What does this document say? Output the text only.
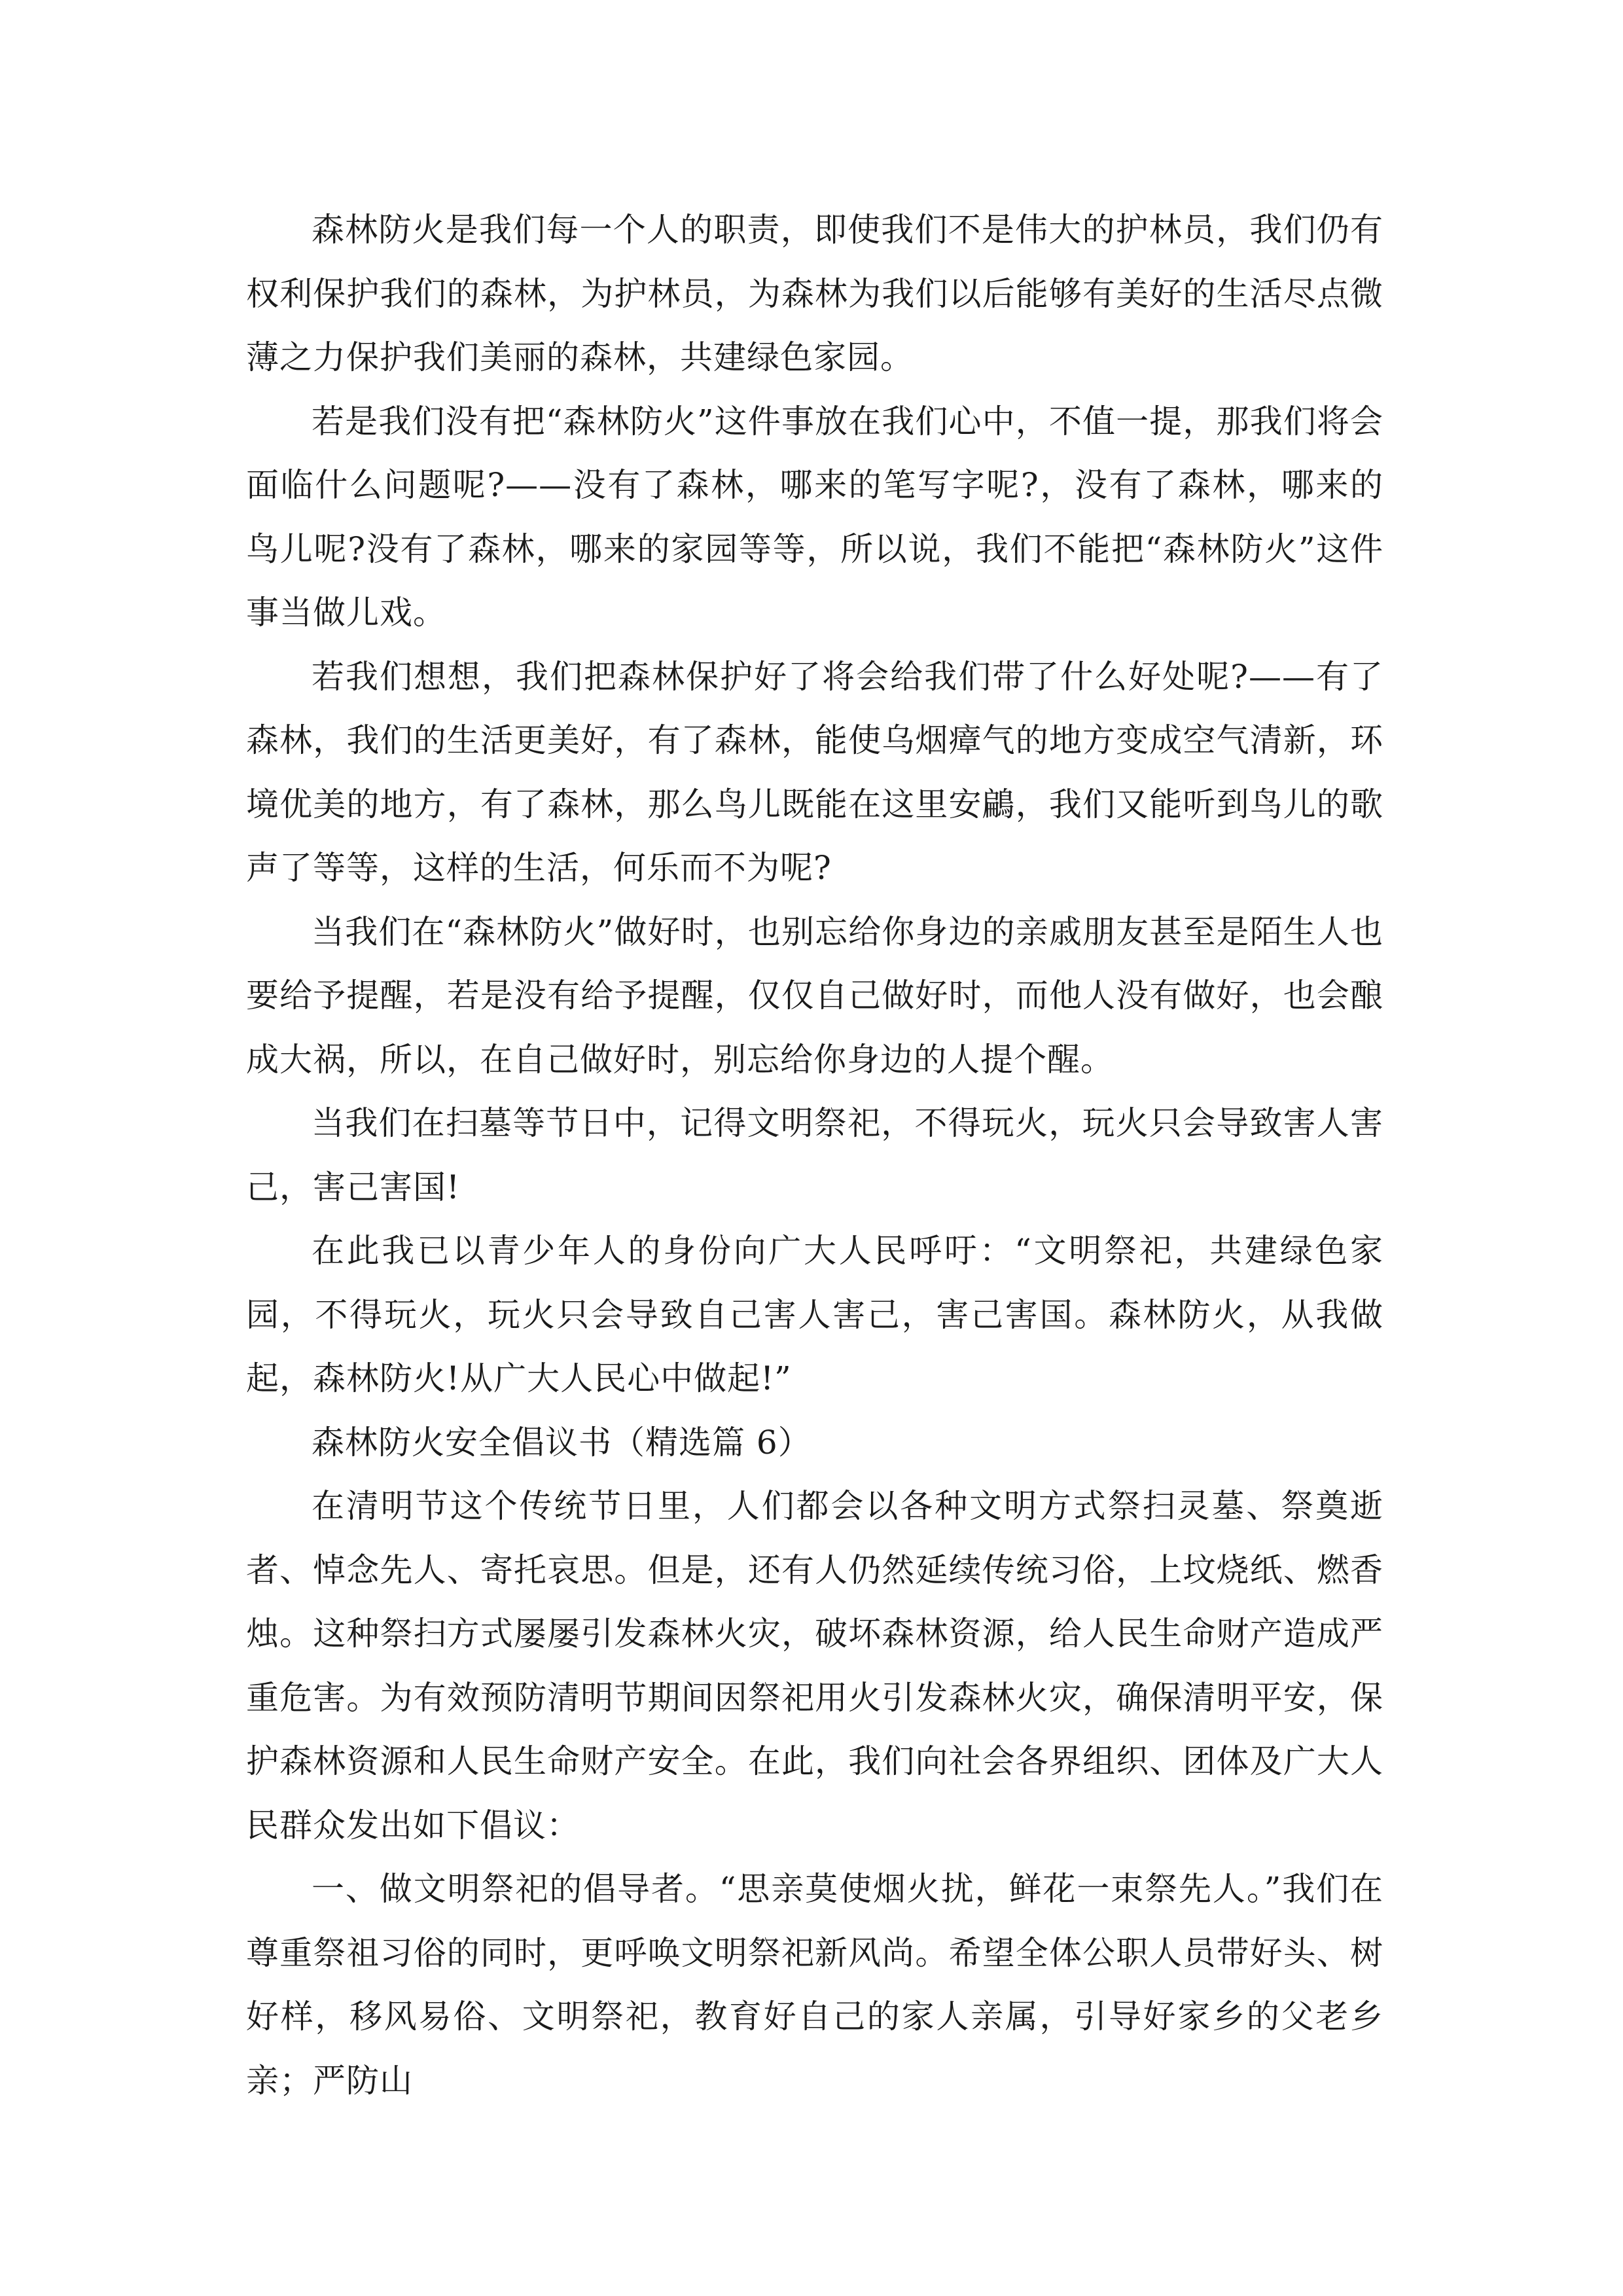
森林防火是我们每一个人的职责，即使我们不是伟大的护林员，我们仍有权利保护我们的森林，为护林员，为森林为我们以后能够有美好的生活尽点微薄之力保护我们美丽的森林，共建绿色家园。

若是我们没有把“森林防火”这件事放在我们心中，不值一提，那我们将会面临什么问题呢?——没有了森林，哪来的笔写字呢?，没有了森林，哪来的鸟儿呢?没有了森林，哪来的家园等等，所以说，我们不能把“森林防火”这件事当做儿戏。

若我们想想，我们把森林保护好了将会给我们带了什么好处呢?——有了森林，我们的生活更美好，有了森林，能使乌烟瘴气的地方变成空气清新，环境优美的地方，有了森林，那么鸟儿既能在这里安鶣，我们又能听到鸟儿的歌声了等等，这样的生活，何乐而不为呢?

当我们在“森林防火”做好时，也别忘给你身边的亲戚朋友甚至是陌生人也要给予提醒，若是没有给予提醒，仅仅自己做好时，而他人没有做好，也会酿成大祸，所以，在自己做好时，别忘给你身边的人提个醒。

当我们在扫墓等节日中，记得文明祭祀，不得玩火，玩火只会导致害人害己，害己害国!

在此我已以青少年人的身份向广大人民呼吁：“文明祭祀，共建绿色家园，不得玩火，玩火只会导致自己害人害己，害己害国。森林防火，从我做起，森林防火!从广大人民心中做起!”

森林防火安全倡议书（精选篇 6）

在清明节这个传统节日里，人们都会以各种文明方式祭扫灵墓、祭奠逝者、悼念先人、寄托哀思。但是，还有人仍然延续传统习俗，上坟烧纸、燃香烛。这种祭扫方式屡屡引发森林火灾，破坏森林资源，给人民生命财产造成严重危害。为有效预防清明节期间因祭祀用火引发森林火灾，确保清明平安，保护森林资源和人民生命财产安全。在此，我们向社会各界组织、团体及广大人民群众发出如下倡议：

一、做文明祭祀的倡导者。“思亲莫使烟火扰，鲜花一束祭先人。”我们在尊重祭祖习俗的同时，更呼唤文明祭祀新风尚。希望全体公职人员带好头、树好样，移风易俗、文明祭祀，教育好自己的家人亲属，引导好家乡的父老乡亲；严防山
